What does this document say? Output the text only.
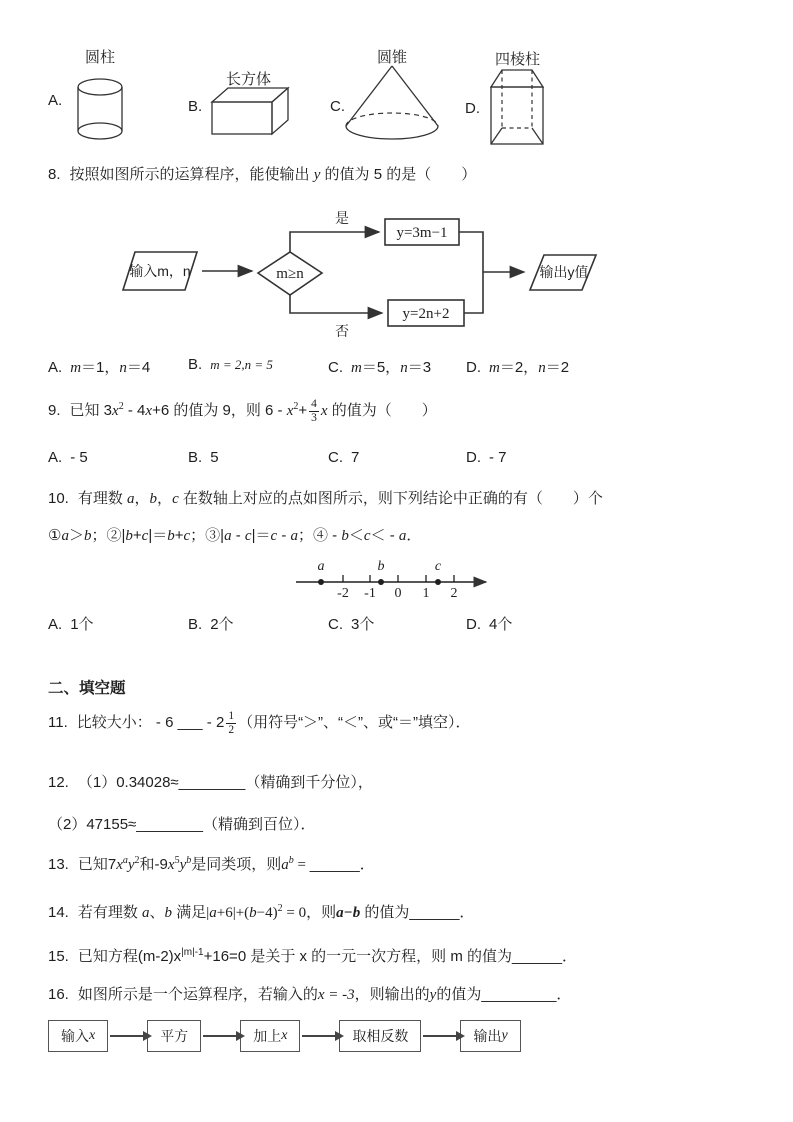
圆柱
A.
长方体
B.
圆锥
C.
四棱柱
D.
8. 按照如图所示的运算程序，能使输出 y 的值为 5 的是（　　）
输入m，n	m≥n
是
y=3m−1
否
y=2n+2
输出y值
A. m＝1，n＝4	B. m = 2,n = 5	C. m＝5，n＝3 D. m＝2，n＝2
9. 已知 $3x^2 - 4x+6$ 的值为 9，则 $6 - x^2+ \frac{4}{3}$ x 的值为（　　）
A. - 5	B. 5	C. 7	D. - 7
10. 有理数 a，b，c 在数轴上对应的点如图所示，则下列结论中正确的有（　　）个
①a＞b；②|b+c|＝b+c；③|a - c|＝c - a；④ - b＜c＜ - a．
-2 -1 0 1 2
a	b	c
A. 1个	B. 2个	C. 3个	D. 4个
二、填空题
11. 比较大小： - 6 ___ - $2 \frac{1}{2}$ （用符号“＞”、“＜”、或“＝”填空）．
12. （1）0.34028≈________（精确到千分位），
（2）47155≈________（精确到百位）．
13. 已知$7x^ay^2$和$-9x^5y^b$是同类项，则$a^b$ = ______．
14. 若有理数 a、b 满足$|a+6|+(b-4)^2 = 0$，则a−b 的值为______．
15. 已知方程$(m-2)x^{|m|-1}+16=0$ 是关于 x 的一元一次方程，则 m 的值为______．
16. 如图所示是一个运算程序，若输入的x = -3，则输出的y的值为_________．
输入 x	平方	加上 x	取相反数	输出 y
